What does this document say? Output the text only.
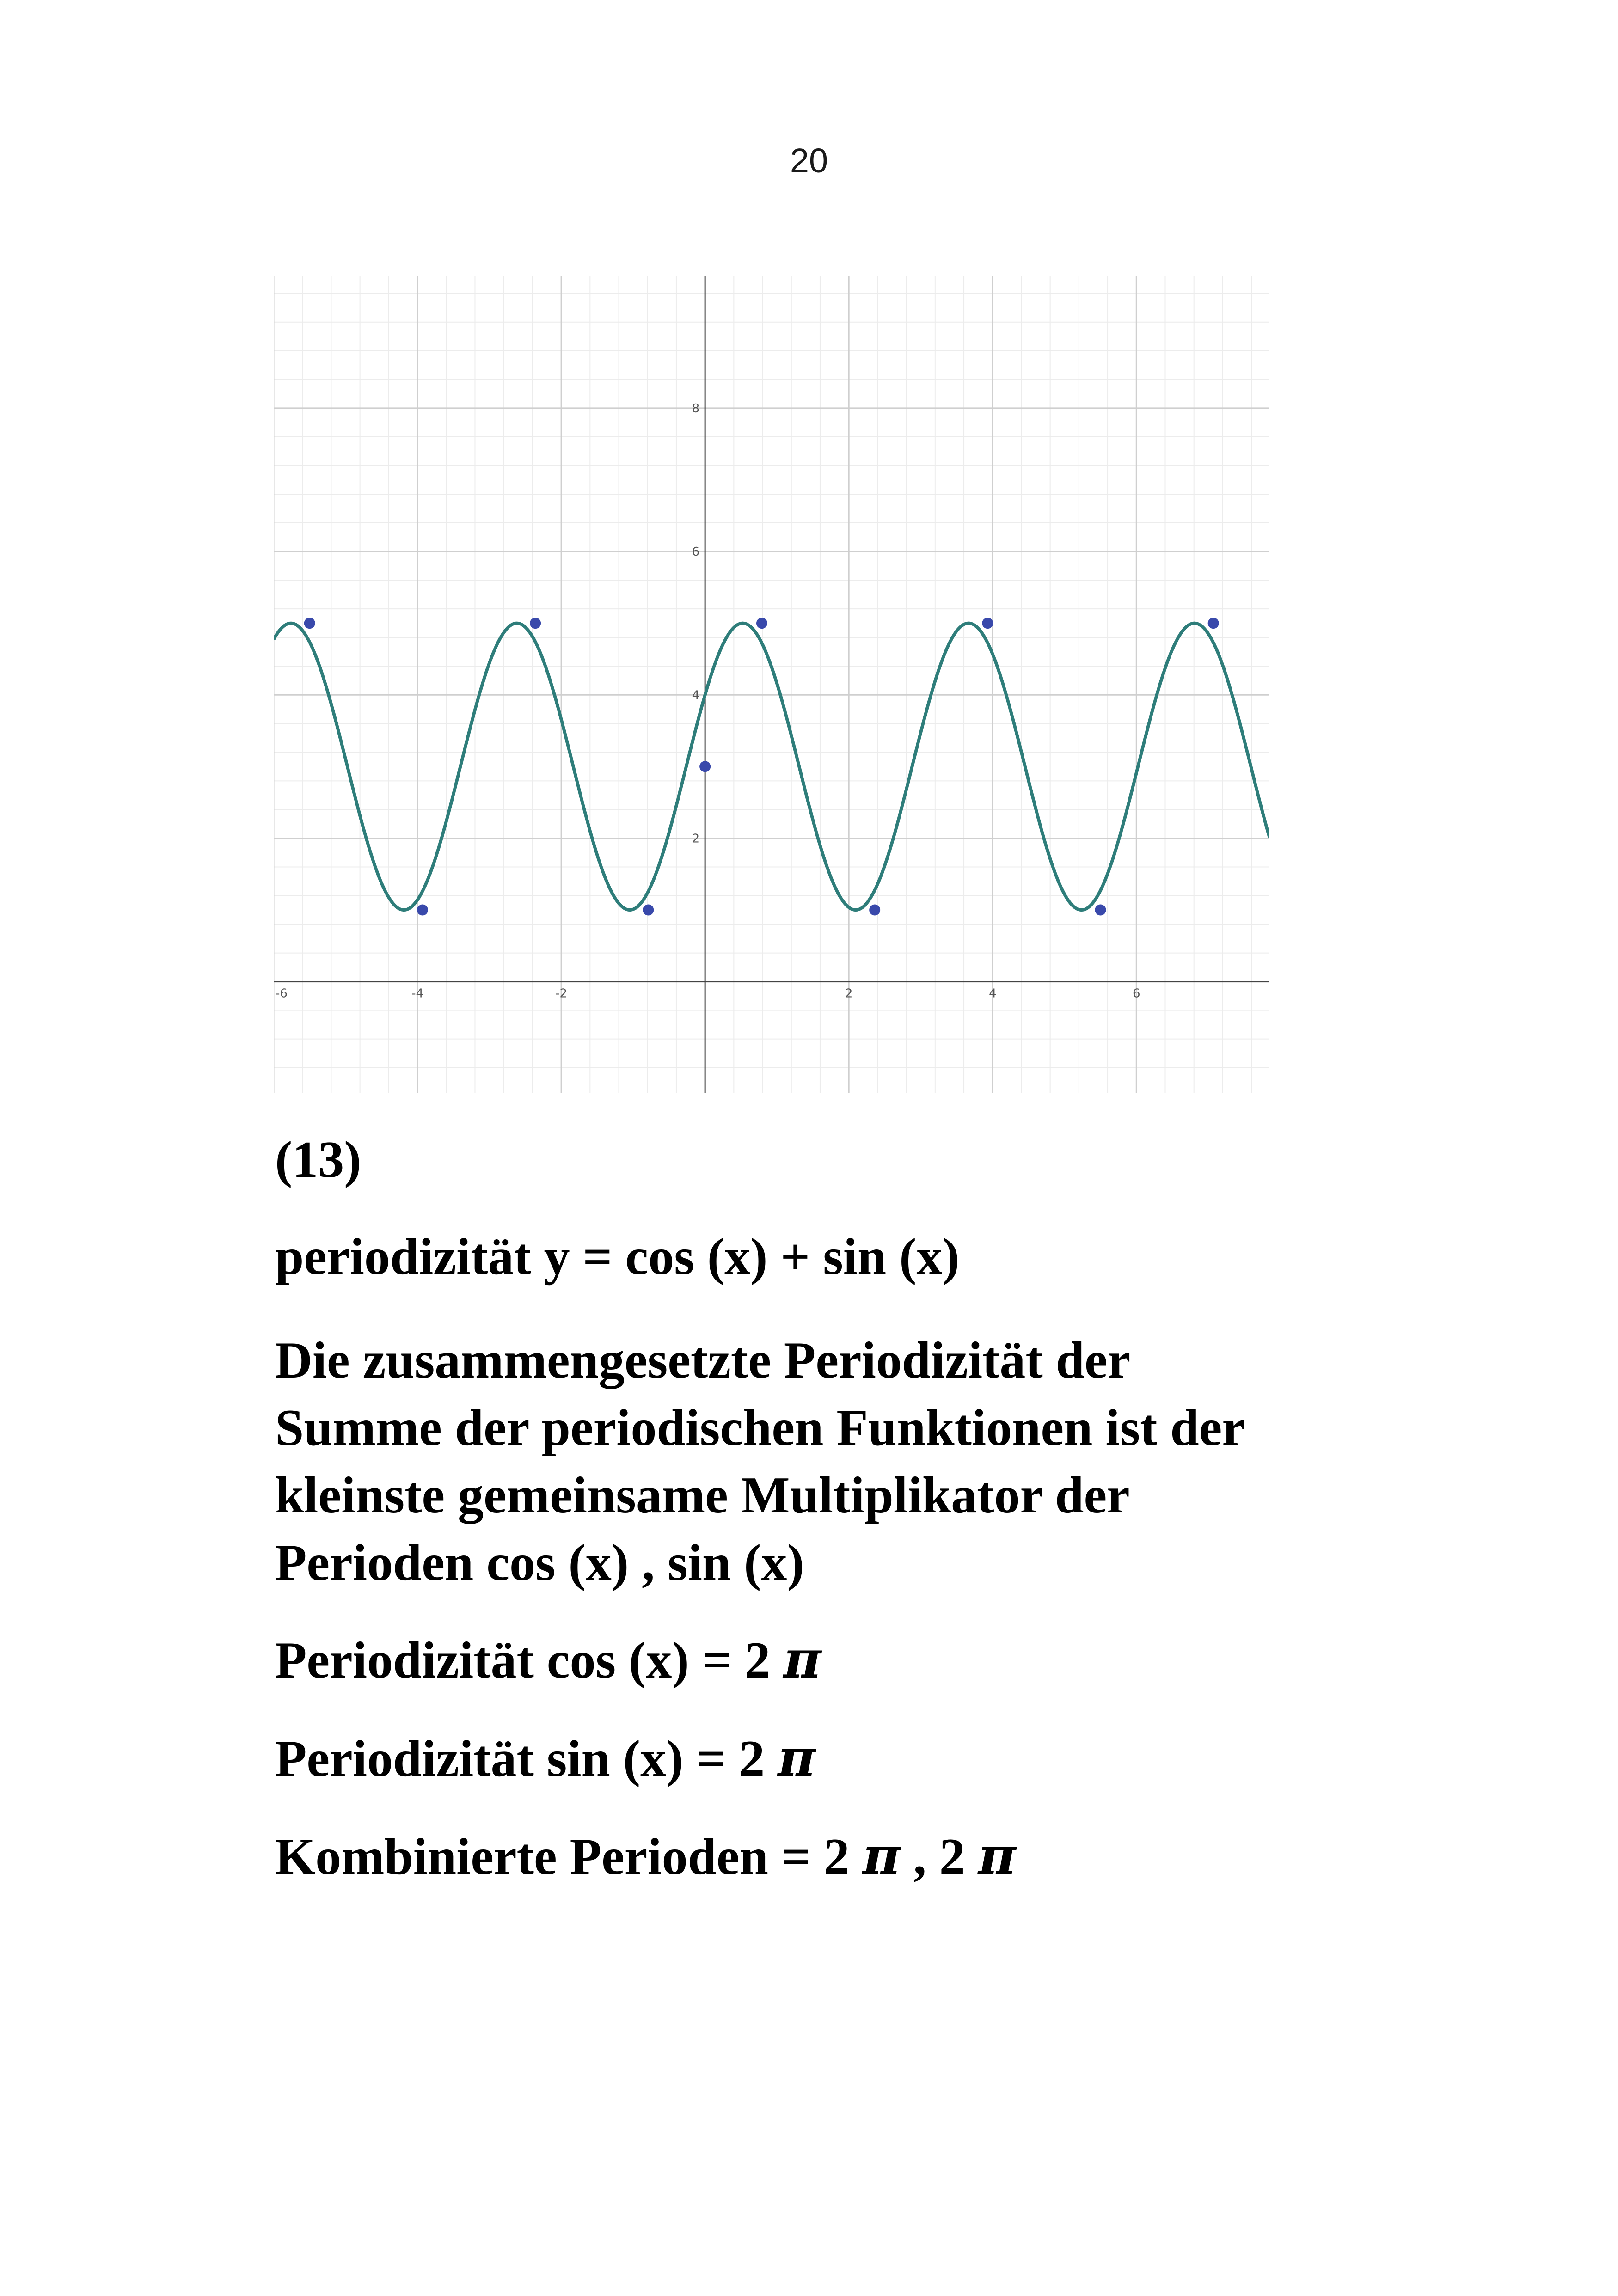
20
-6	-4	-2	2	4	6
2
4
6
8
(13)
periodizität y = cos (x) + sin (x)
Die zusammengesetzte Periodizität der
Summe der periodischen Funktionen ist der
kleinste gemeinsame Multiplikator der
Perioden cos (x) , sin (x)
Periodizität cos (x) = 2 π
Periodizität sin (x) = 2 π
Kombinierte Perioden = 2 π , 2 π
